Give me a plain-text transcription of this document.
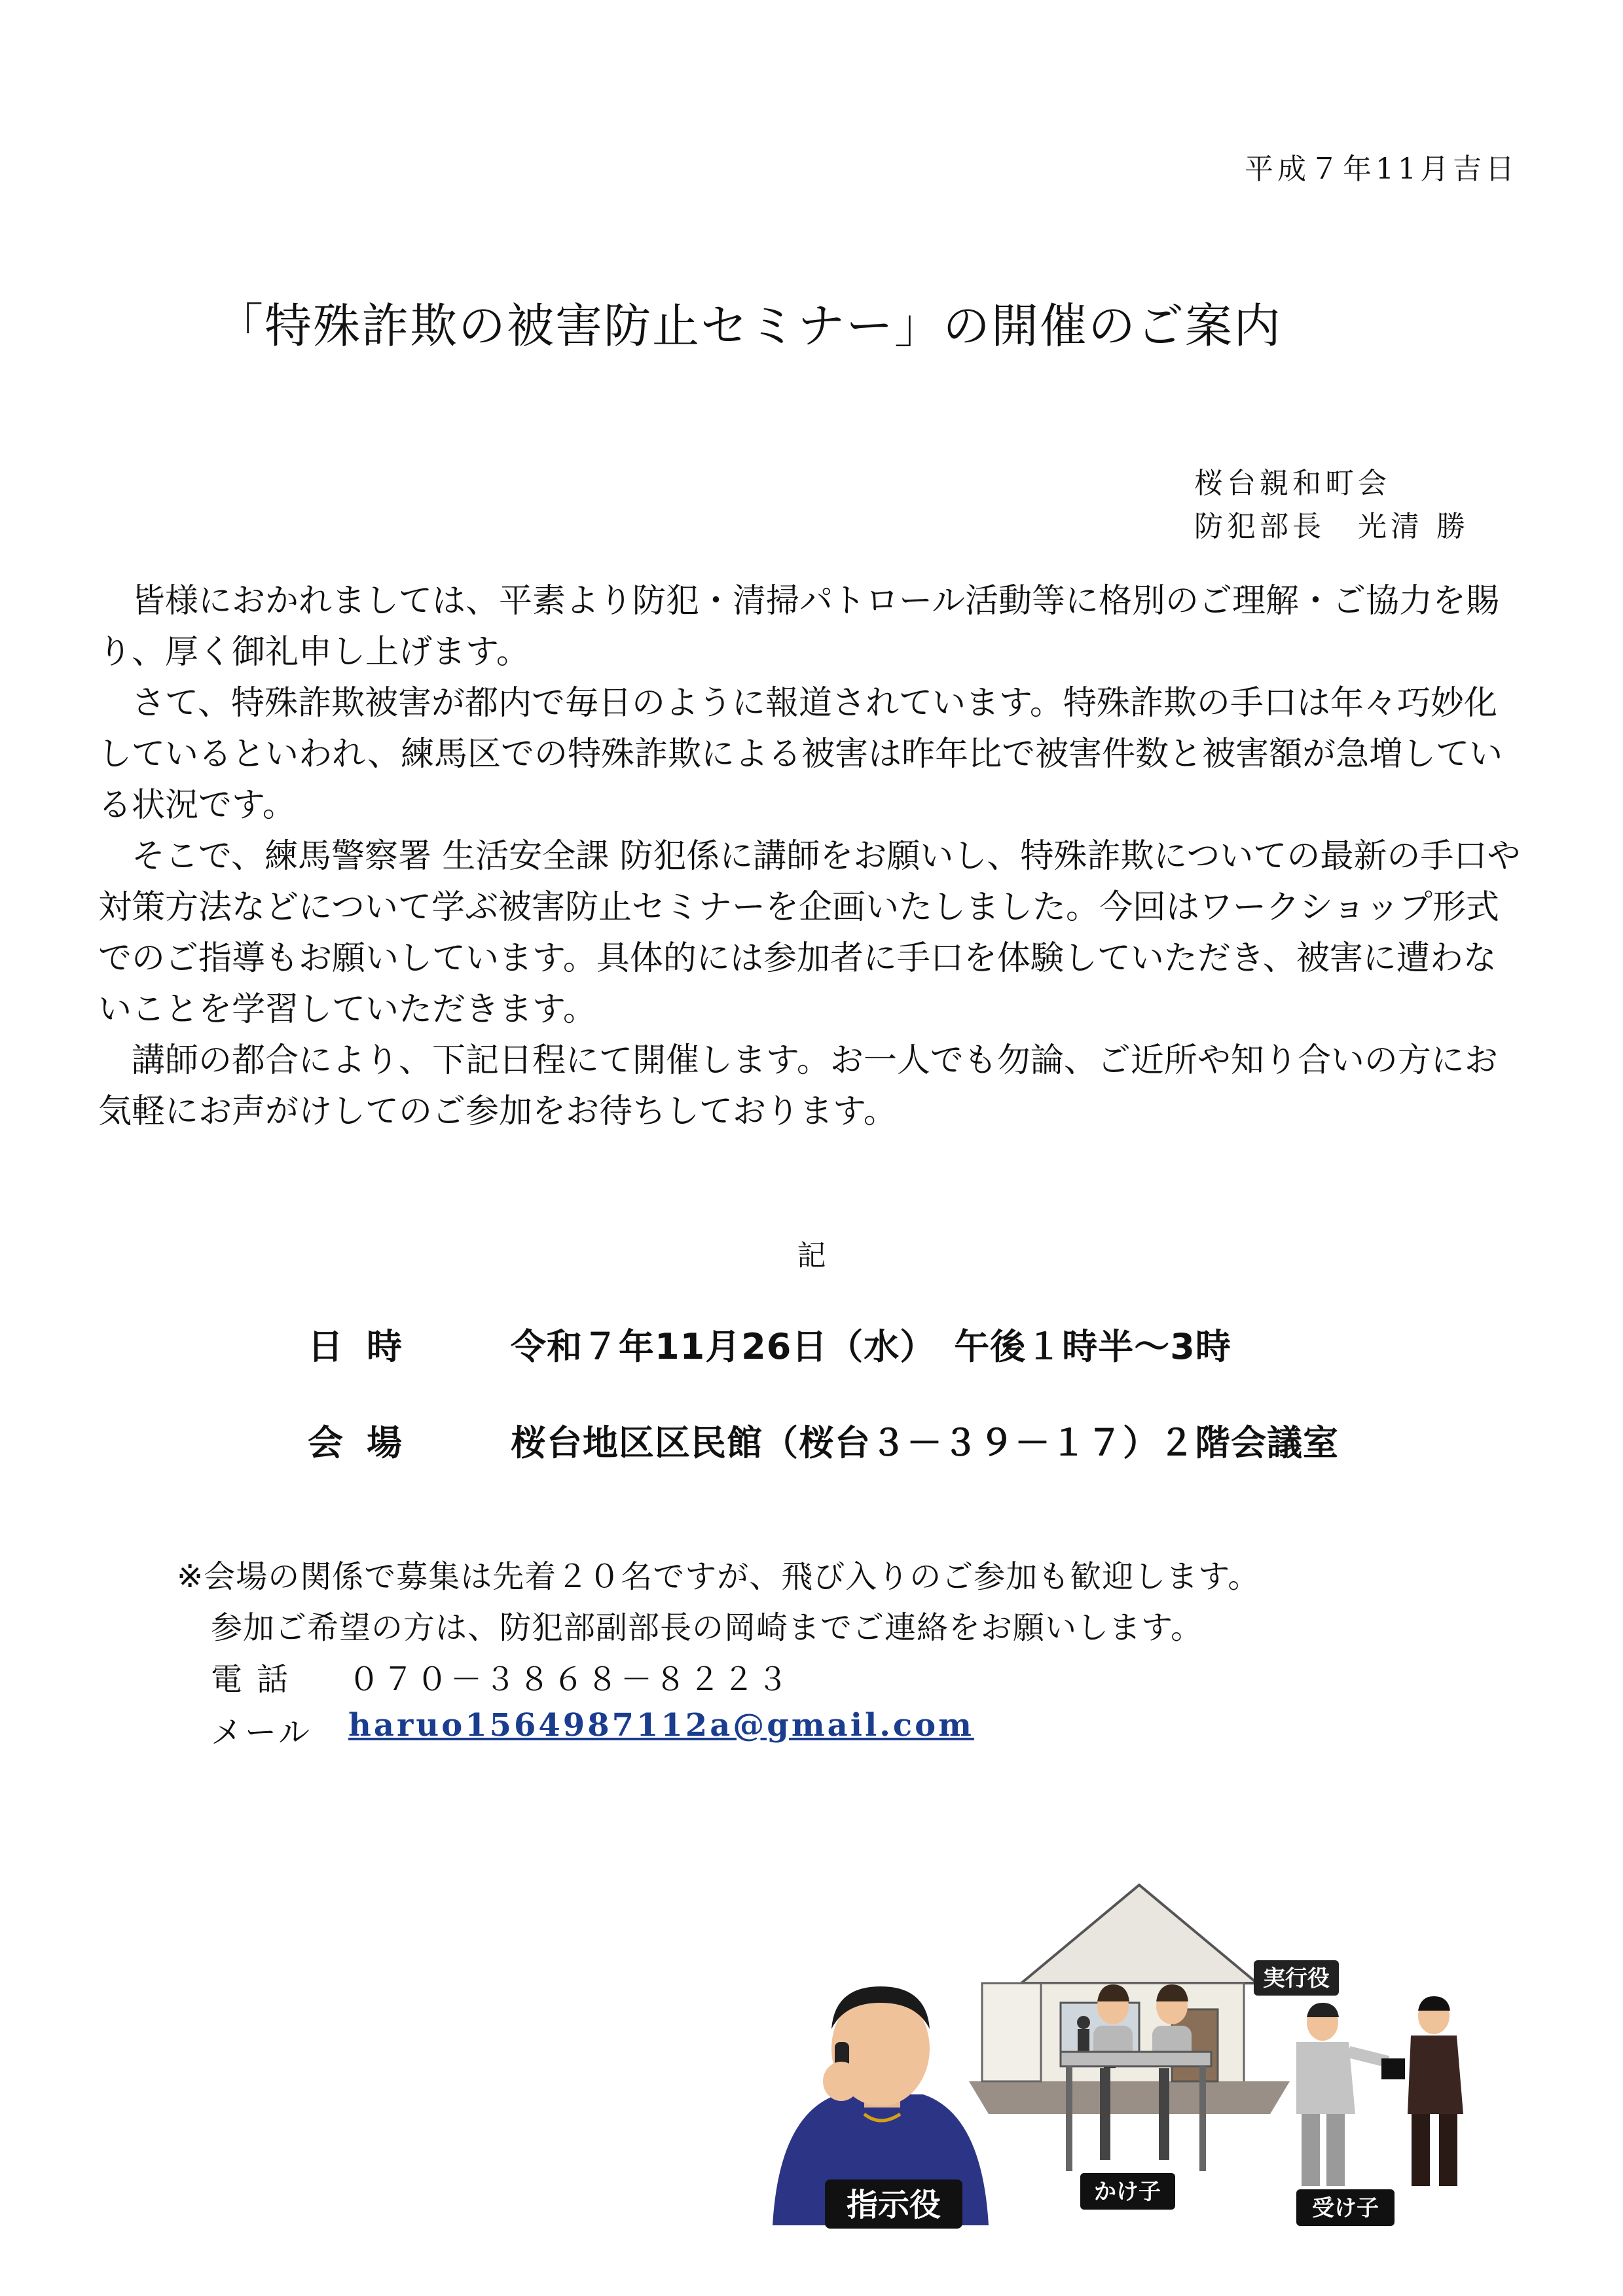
平成７年11月吉日
「特殊詐欺の被害防止セミナー」の開催のご案内
桜台親和町会
防犯部長　光清 勝

皆様におかれましては、平素より防犯・清掃パトロール活動等に格別のご理解・ご協力を賜り、厚く御礼申し上げます。

さて、特殊詐欺被害が都内で毎日のように報道されています。特殊詐欺の手口は年々巧妙化しているといわれ、練馬区での特殊詐欺による被害は昨年比で被害件数と被害額が急増している状況です。

そこで、練馬警察署 生活安全課 防犯係に講師をお願いし、特殊詐欺についての最新の手口や対策方法などについて学ぶ被害防止セミナーを企画いたしました。今回はワークショップ形式でのご指導もお願いしています。具体的には参加者に手口を体験していただき、被害に遭わないことを学習していただきます。

講師の都合により、下記日程にて開催します。お一人でも勿論、ご近所や知り合いの方にお気軽にお声がけしてのご参加をお待ちしております。

記
日時	令和７年11月26日（水）　午後１時半～3時
会場	桜台地区区民館（桜台３－３９－１７）２階会議室
※会場の関係で募集は先着２０名ですが、飛び入りのご参加も歓迎します。
参加ご希望の方は、防犯部副部長の岡崎までご連絡をお願いします。
電話	０７０－３８６８－８２２３
メール	haruo1564987112a@gmail.com
実行役
指示役	かけ子
受け子
